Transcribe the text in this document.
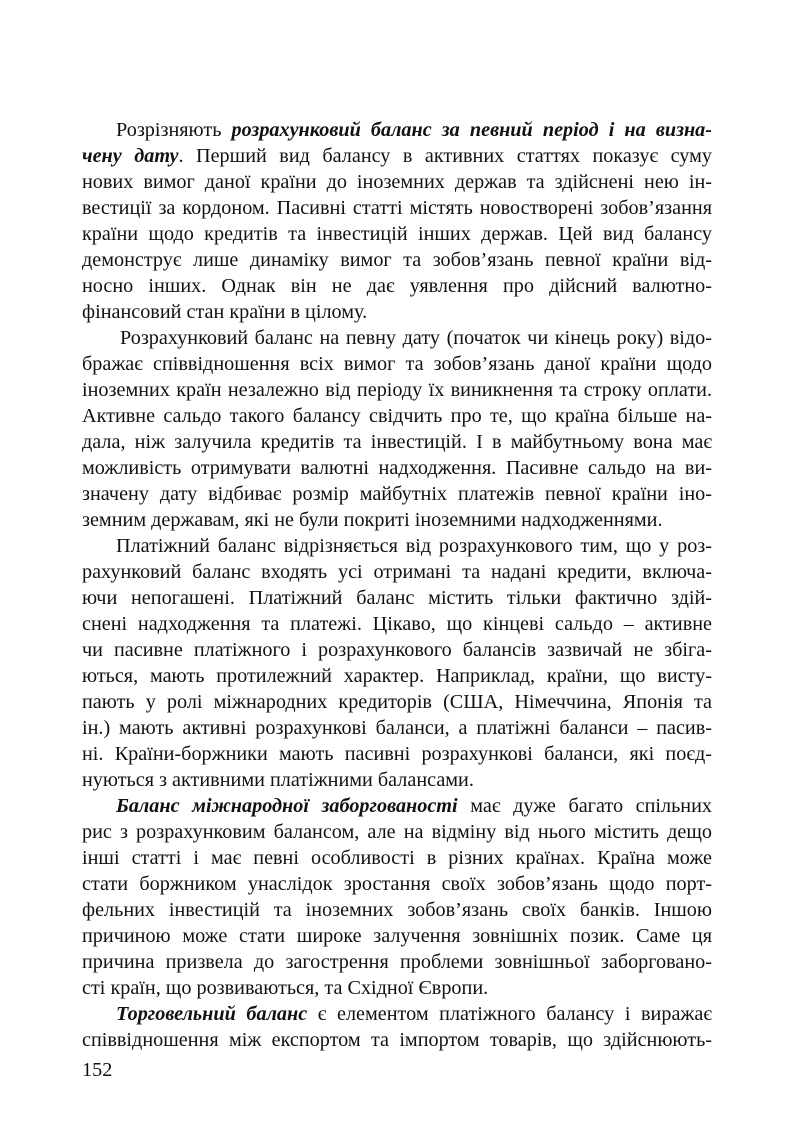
Розрізняють розрахунковий баланс за певний період і на визна-

чену дату. Перший вид балансу в активних статтях показує суму

нових вимог даної країни до іноземних держав та здійснені нею ін-

вестиції за кордоном. Пасивні статті містять новостворені зобов’язання

країни щодо кредитів та інвестицій інших держав. Цей вид балансу

демонструє лише динаміку вимог та зобов’язань певної країни від-

носно інших. Однак він не дає уявлення про дійсний валютно-

фінансовий стан країни в цілому.

Розрахунковий баланс на певну дату (початок чи кінець року) відо-

бражає співвідношення всіх вимог та зобов’язань даної країни щодо

іноземних країн незалежно від періоду їх виникнення та строку оплати.

Активне сальдо такого балансу свідчить про те, що країна більше на-

дала, ніж залучила кредитів та інвестицій. І в майбутньому вона має

можливість отримувати валютні надходження. Пасивне сальдо на ви-

значену дату відбиває розмір майбутніх платежів певної країни іно-

земним державам, які не були покриті іноземними надходженнями.

Платіжний баланс відрізняється від розрахункового тим, що у роз-

рахунковий баланс входять усі отримані та надані кредити, включа-

ючи непогашені. Платіжний баланс містить тільки фактично здій-

снені надходження та платежі. Цікаво, що кінцеві сальдо – активне

чи пасивне платіжного і розрахункового балансів зазвичай не збіга-

ються, мають протилежний характер. Наприклад, країни, що висту-

пають у ролі міжнародних кредиторів (США, Німеччина, Японія та

ін.) мають активні розрахункові баланси, а платіжні баланси – пасив-

ні. Країни-боржники мають пасивні розрахункові баланси, які поєд-

нуються з активними платіжними балансами.

Баланс міжнародної заборгованості має дуже багато спільних

рис з розрахунковим балансом, але на відміну від нього містить дещо

інші статті і має певні особливості в різних країнах. Країна може

стати боржником унаслідок зростання своїх зобов’язань щодо порт-

фельних інвестицій та іноземних зобов’язань своїх банків. Іншою

причиною може стати широке залучення зовнішніх позик. Саме ця

причина призвела до загострення проблеми зовнішньої заборговано-

сті країн, що розвиваються, та Східної Європи.

Торговельний баланс є елементом платіжного балансу і виражає

співвідношення між експортом та імпортом товарів, що здійснюють-

152
